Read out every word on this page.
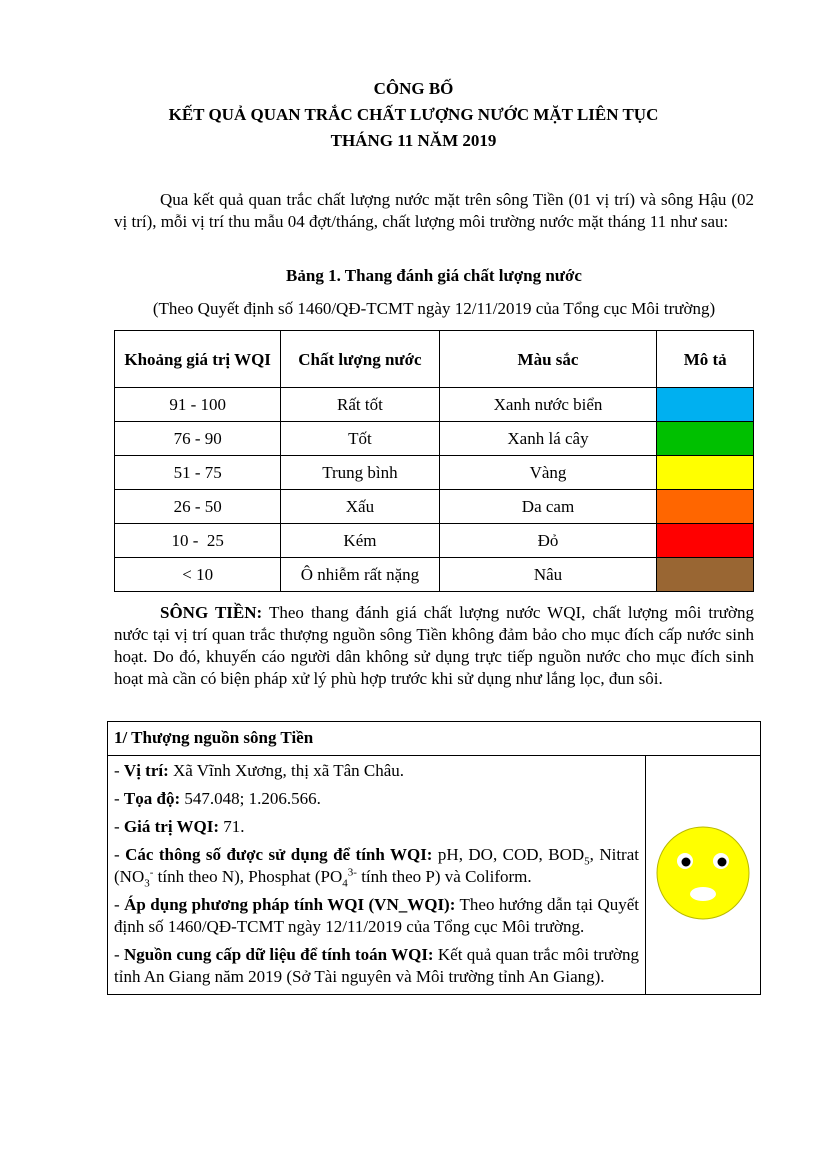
CÔNG BỐ
KẾT QUẢ QUAN TRẮC CHẤT LƯỢNG NƯỚC MẶT LIÊN TỤC
THÁNG 11 NĂM 2019
Qua kết quả quan trắc chất lượng nước mặt trên sông Tiền (01 vị trí) và sông Hậu (02 vị trí), mỗi vị trí thu mẫu 04 đợt/tháng, chất lượng môi trường nước mặt tháng 11 như sau:
Bảng 1. Thang đánh giá chất lượng nước
(Theo Quyết định số 1460/QĐ-TCMT ngày 12/11/2019 của Tổng cục Môi trường)
Khoảng giá trị WQI	Chất lượng nước	Màu sắc	Mô tả
91 - 100	Rất tốt	Xanh nước biển	
76 - 90	Tốt	Xanh lá cây	
51 - 75	Trung bình	Vàng	
26 - 50	Xấu	Da cam	
10 -  25	Kém	Đỏ	
< 10	Ô nhiễm rất nặng	Nâu	
SÔNG TIỀN: Theo thang đánh giá chất lượng nước WQI, chất lượng môi trường nước tại vị trí quan trắc thượng nguồn sông Tiền không đảm bảo cho mục đích cấp nước sinh hoạt. Do đó, khuyến cáo người dân không sử dụng trực tiếp nguồn nước cho mục đích sinh hoạt mà cần có biện pháp xử lý phù hợp trước khi sử dụng như lắng lọc, đun sôi.
1/ Thượng nguồn sông Tiền

- Vị trí: Xã Vĩnh Xương, thị xã Tân Châu.

- Tọa độ: 547.048; 1.206.566.

- Giá trị WQI: 71.

- Các thông số được sử dụng để tính WQI: pH, DO, COD, $BOD_5$, Nitrat ($NO_3^-$ tính theo N), Phosphat ($PO_4^{3-}$ tính theo P) và Coliform.

- Áp dụng phương pháp tính WQI (VN_WQI): Theo hướng dẫn tại Quyết định số 1460/QĐ-TCMT ngày 12/11/2019 của Tổng cục Môi trường.

- Nguồn cung cấp dữ liệu để tính toán WQI: Kết quả quan trắc môi trường tỉnh An Giang năm 2019 (Sở Tài nguyên và Môi trường tỉnh An Giang).
